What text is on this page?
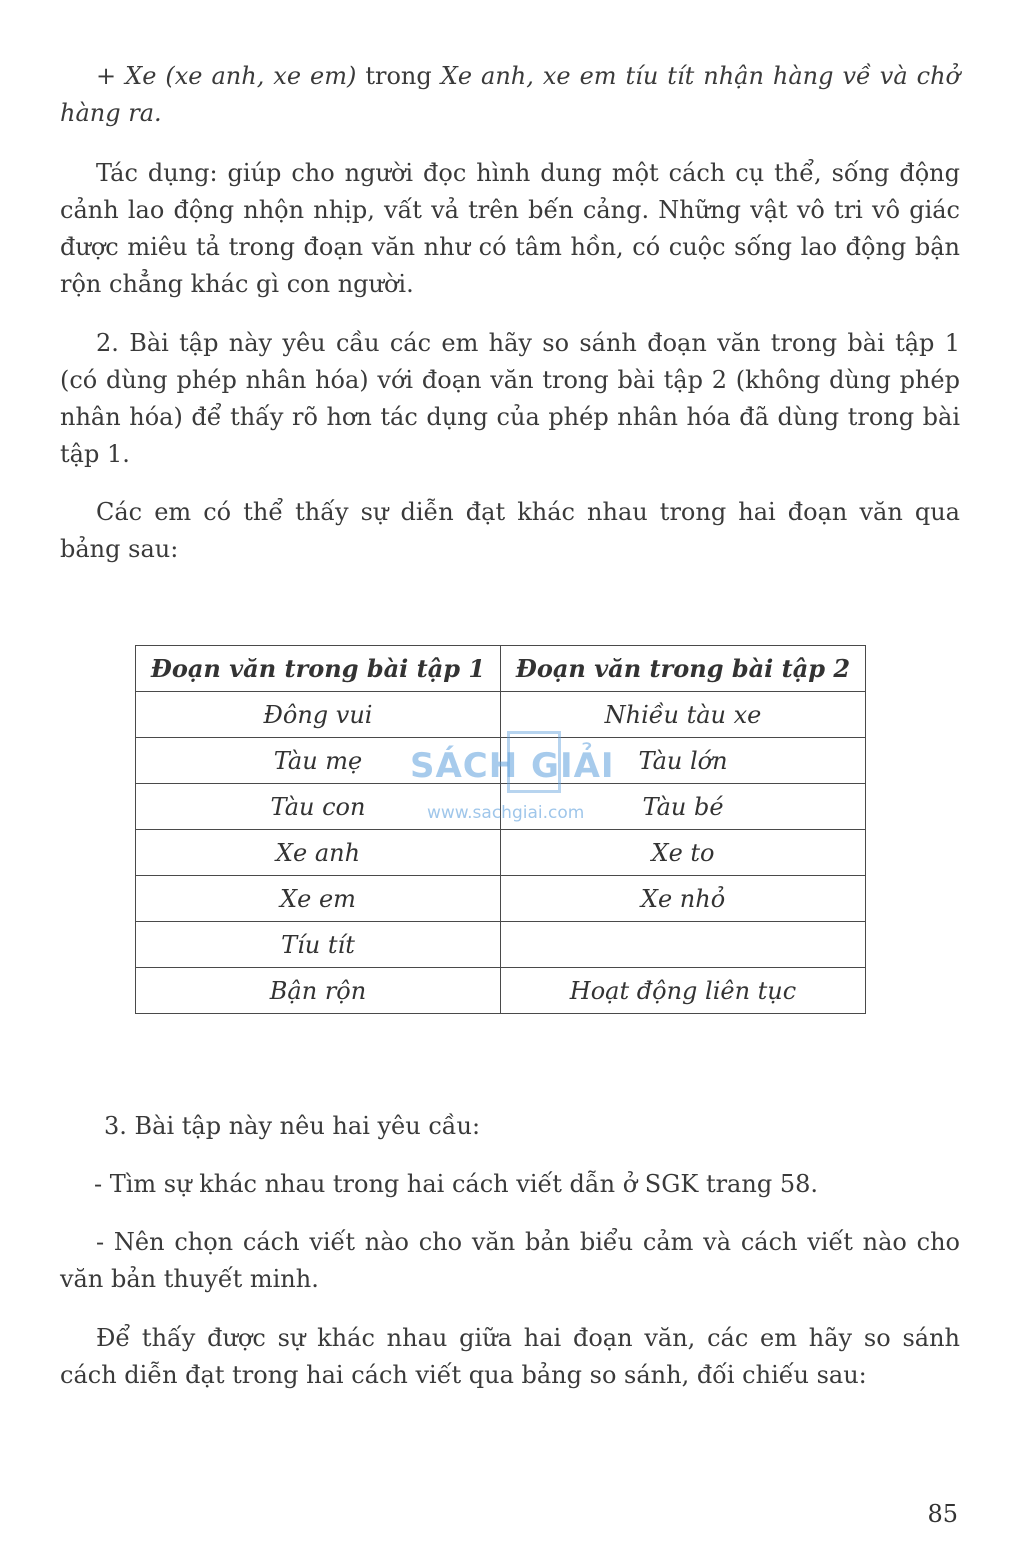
+ Xe (xe anh, xe em) trong Xe anh, xe em tíu tít nhận hàng về và chở hàng ra.

Tác dụng: giúp cho người đọc hình dung một cách cụ thể, sống động cảnh lao động nhộn nhịp, vất vả trên bến cảng. Những vật vô tri vô giác được miêu tả trong đoạn văn như có tâm hồn, có cuộc sống lao động bận rộn chẳng khác gì con người.

2. Bài tập này yêu cầu các em hãy so sánh đoạn văn trong bài tập 1 (có dùng phép nhân hóa) với đoạn văn trong bài tập 2 (không dùng phép nhân hóa) để thấy rõ hơn tác dụng của phép nhân hóa đã dùng trong bài tập 1.

Các em có thể thấy sự diễn đạt khác nhau trong hai đoạn văn qua bảng sau:

Đoạn văn trong bài tập 1	Đoạn văn trong bài tập 2
Đông vui	Nhiều tàu xe
Tàu mẹ	Tàu lớn
Tàu con	Tàu bé
Xe anh	Xe to
Xe em	Xe nhỏ
Tíu tít	
Bận rộn	Hoạt động liên tục
SÁCH GIẢI
www.sachgiai.com

3. Bài tập này nêu hai yêu cầu:

- Tìm sự khác nhau trong hai cách viết dẫn ở SGK trang 58.

- Nên chọn cách viết nào cho văn bản biểu cảm và cách viết nào cho văn bản thuyết minh.

Để thấy được sự khác nhau giữa hai đoạn văn, các em hãy so sánh cách diễn đạt trong hai cách viết qua bảng so sánh, đối chiếu sau:

85
